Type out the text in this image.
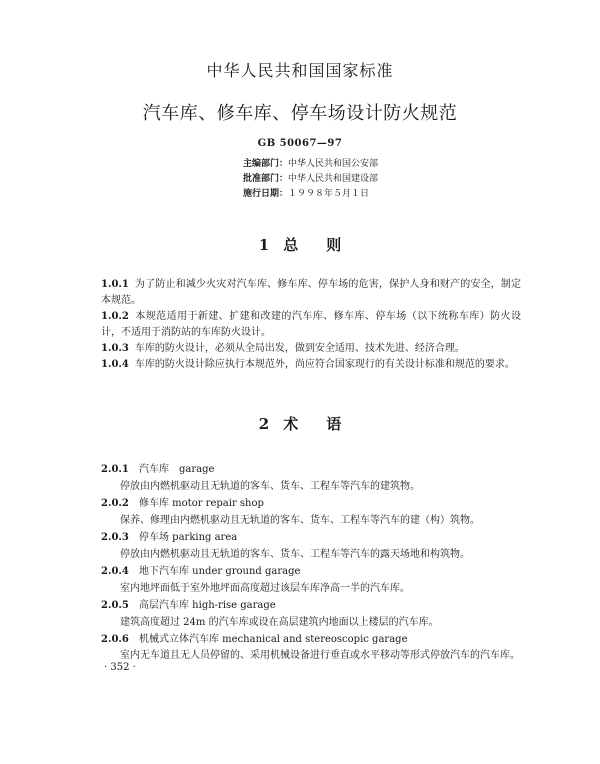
中华人民共和国国家标准
汽车库、修车库、停车场设计防火规范
GB 50067—97
主编部门：中华人民共和国公安部
批准部门：中华人民共和国建设部
施行日期：１９９８年５月１日
1 总 则
1.0.1 为了防止和减少火灾对汽车库、修车库、停车场的危害，保护人身和财产的安全，制定本规范。
1.0.2 本规范适用于新建、扩建和改建的汽车库、修车库、停车场（以下统称车库）防火设计，不适用于消防站的车库防火设计。
1.0.3 车库的防火设计，必须从全局出发，做到安全适用、技术先进、经济合理。
1.0.4 车库的防火设计除应执行本规范外，尚应符合国家现行的有关设计标准和规范的要求。
2 术 语
2.0.1 汽车库　garage
停放由内燃机驱动且无轨道的客车、货车、工程车等汽车的建筑物。
2.0.2 修车库 motor repair shop
保养、修理由内燃机驱动且无轨道的客车、货车、工程车等汽车的建（构）筑物。
2.0.3 停车场 parking area
停放由内燃机驱动且无轨道的客车、货车、工程车等汽车的露天场地和构筑物。
2.0.4 地下汽车库 under ground garage
室内地坪面低于室外地坪面高度超过该层车库净高一半的汽车库。
2.0.5 高层汽车库 high-rise garage
建筑高度超过 24m 的汽车库或设在高层建筑内地面以上楼层的汽车库。
2.0.6 机械式立体汽车库 mechanical and stereoscopic garage
室内无车道且无人员停留的、采用机械设备进行垂直或水平移动等形式停放汽车的汽车库。
· 352 ·
